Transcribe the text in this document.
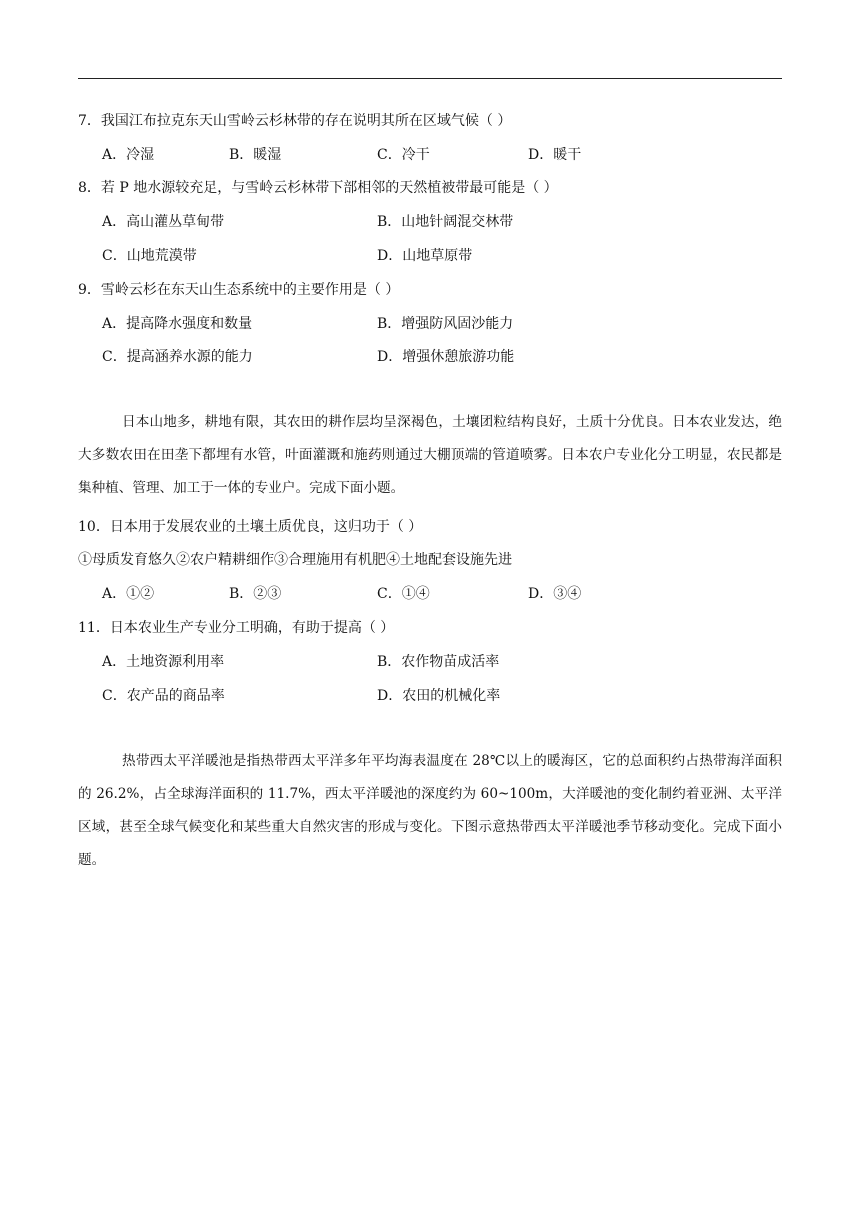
7．我国江布拉克东天山雪岭云杉林带的存在说明其所在区域气候（ ）
A．冷湿	B．暖湿	C．冷干	D．暖干
8．若 P 地水源较充足，与雪岭云杉林带下部相邻的天然植被带最可能是（ ）
A．高山灌丛草甸带	B．山地针阔混交林带
C．山地荒漠带	D．山地草原带
9．雪岭云杉在东天山生态系统中的主要作用是（ ）
A．提高降水强度和数量	B．增强防风固沙能力
C．提高涵养水源的能力	D．增强休憩旅游功能

日本山地多，耕地有限，其农田的耕作层均呈深褐色，土壤团粒结构良好，土质十分优良。日本农业发达，绝大多数农田在田垄下都埋有水管，叶面灌溉和施药则通过大棚顶端的管道喷雾。日本农户专业化分工明显，农民都是集种植、管理、加工于一体的专业户。完成下面小题。

10．日本用于发展农业的土壤土质优良，这归功于（ ）
①母质发育悠久②农户精耕细作③合理施用有机肥④土地配套设施先进
A．①②	B．②③	C．①④	D．③④
11．日本农业生产专业分工明确，有助于提高（ ）
A．土地资源利用率	B．农作物苗成活率
C．农产品的商品率	D．农田的机械化率

热带西太平洋暖池是指热带西太平洋多年平均海表温度在 28℃以上的暖海区，它的总面积约占热带海洋面积的 26.2%，占全球海洋面积的 11.7%，西太平洋暖池的深度约为 60~100m，大洋暖池的变化制约着亚洲、太平洋区域，甚至全球气候变化和某些重大自然灾害的形成与变化。下图示意热带西太平洋暖池季节移动变化。完成下面小题。
